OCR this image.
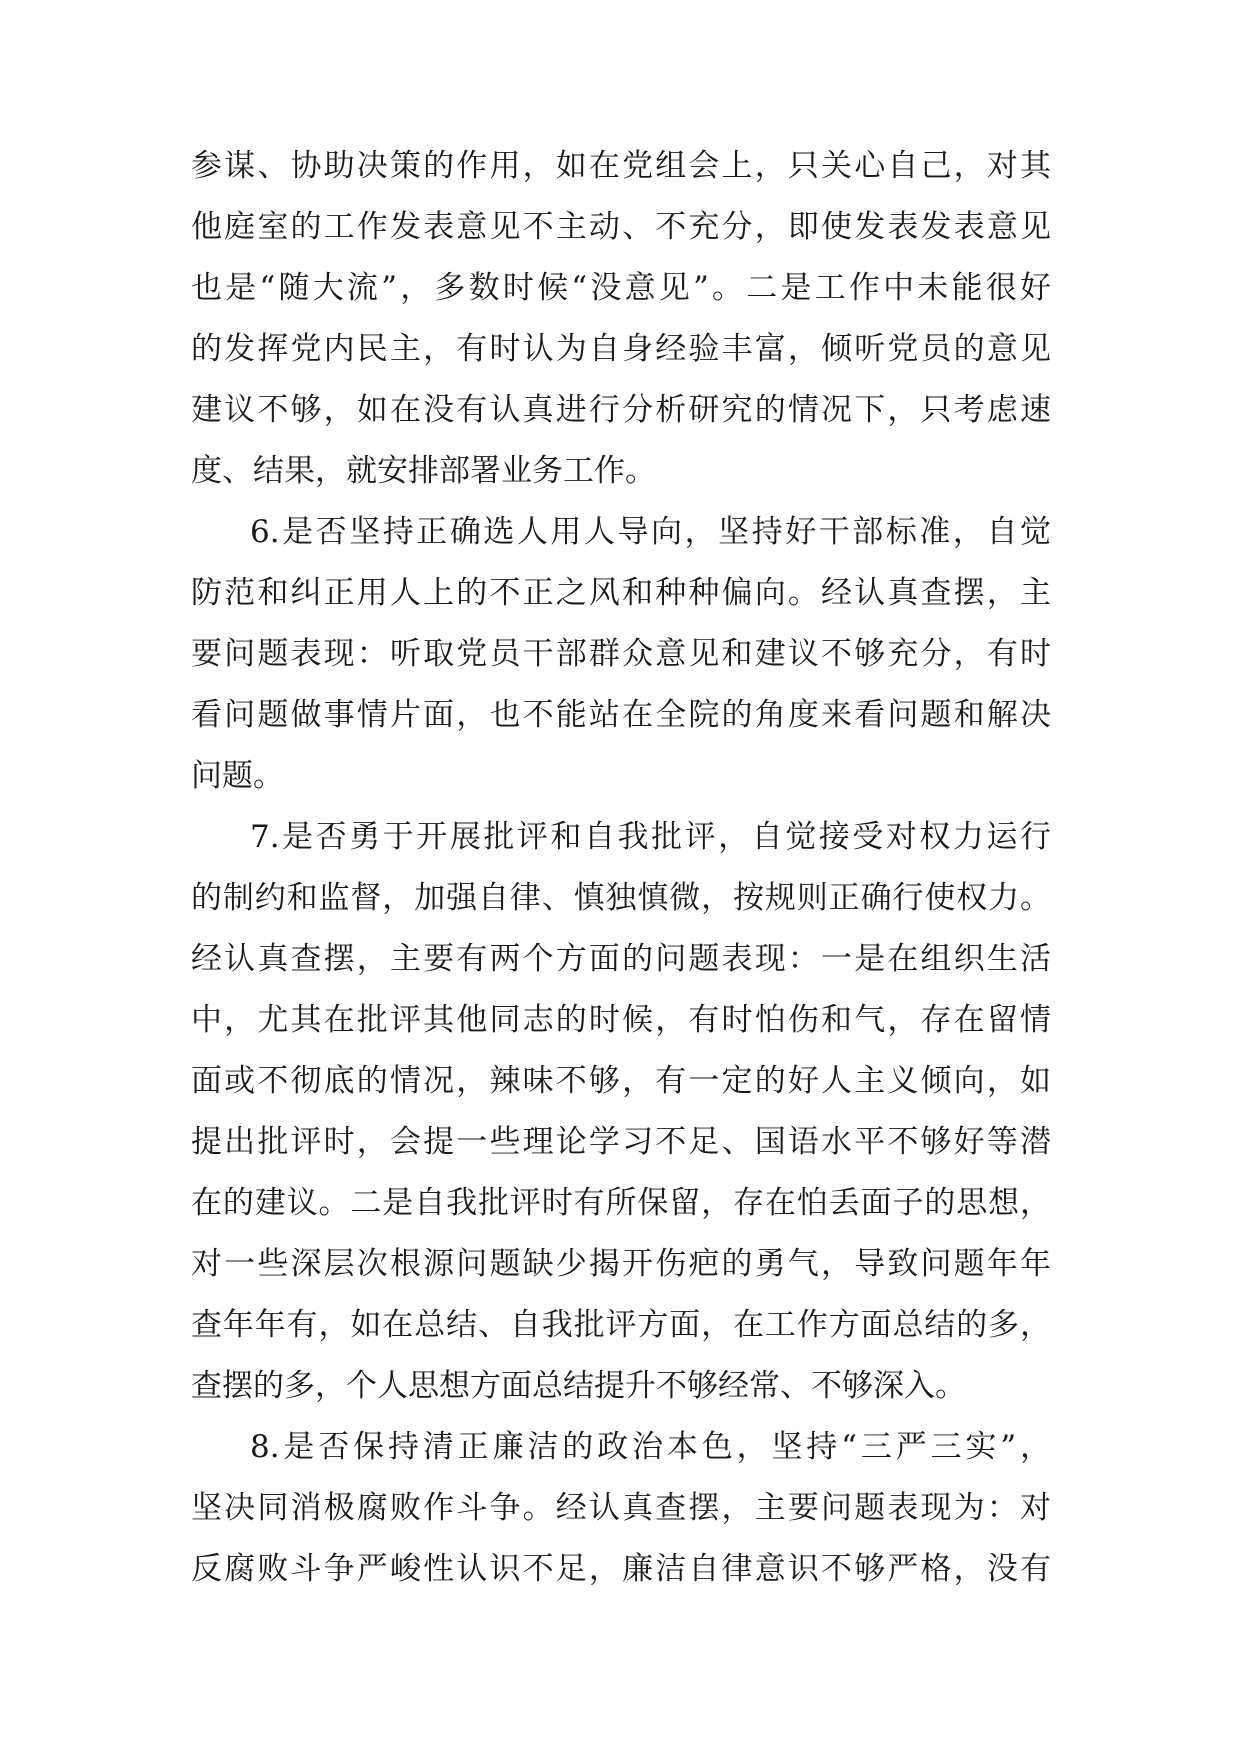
参谋、协助决策的作用，如在党组会上，只关心自己，对其
他庭室的工作发表意见不主动、不充分，即使发表发表意见
也是“随大流”，多数时候“没意见”。二是工作中未能很好
的发挥党内民主，有时认为自身经验丰富，倾听党员的意见
建议不够，如在没有认真进行分析研究的情况下，只考虑速
度、结果，就安排部署业务工作。
6.是否坚持正确选人用人导向，坚持好干部标准，自觉
防范和纠正用人上的不正之风和种种偏向。经认真查摆，主
要问题表现：听取党员干部群众意见和建议不够充分，有时
看问题做事情片面，也不能站在全院的角度来看问题和解决
问题。
7.是否勇于开展批评和自我批评，自觉接受对权力运行
的制约和监督，加强自律、慎独慎微，按规则正确行使权力。
经认真查摆，主要有两个方面的问题表现：一是在组织生活
中，尤其在批评其他同志的时候，有时怕伤和气，存在留情
面或不彻底的情况，辣味不够，有一定的好人主义倾向，如
提出批评时，会提一些理论学习不足、国语水平不够好等潜
在的建议。二是自我批评时有所保留，存在怕丢面子的思想，
对一些深层次根源问题缺少揭开伤疤的勇气，导致问题年年
查年年有，如在总结、自我批评方面，在工作方面总结的多，
查摆的多，个人思想方面总结提升不够经常、不够深入。
8.是否保持清正廉洁的政治本色，坚持“三严三实”，
坚决同消极腐败作斗争。经认真查摆，主要问题表现为：对
反腐败斗争严峻性认识不足，廉洁自律意识不够严格，没有
